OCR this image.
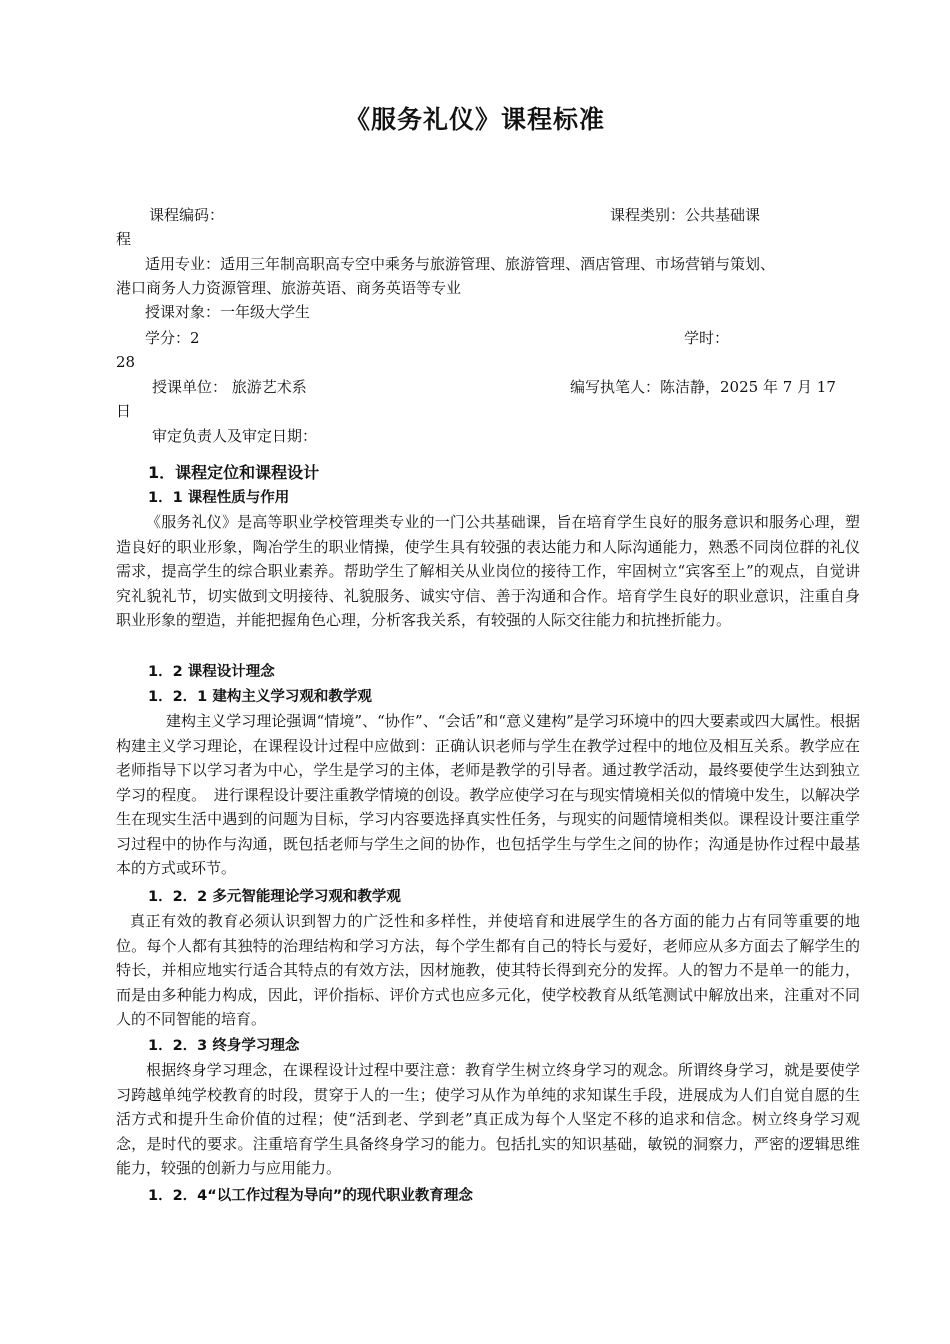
《服务礼仪》课程标准
课程编码：	课程类别：公共基础课
程
适用专业：适用三年制高职高专空中乘务与旅游管理、旅游管理、酒店管理、市场营销与策划、
港口商务人力资源管理、旅游英语、商务英语等专业
授课对象：一年级大学生
学分：2	学时：
28
授课单位： 旅游艺术系	编写执笔人：陈洁静，2025 年 7 月 17
日
审定负责人及审定日期：
1．课程定位和课程设计
1．1 课程性质与作用
《服务礼仪》是高等职业学校管理类专业的一门公共基础课，旨在培育学生良好的服务意识和服务心理，塑造良好的职业形象，陶冶学生的职业情操，使学生具有较强的表达能力和人际沟通能力，熟悉不同岗位群的礼仪需求，提高学生的综合职业素养。帮助学生了解相关从业岗位的接待工作，牢固树立“宾客至上”的观点，自觉讲究礼貌礼节，切实做到文明接待、礼貌服务、诚实守信、善于沟通和合作。培育学生良好的职业意识，注重自身职业形象的塑造，并能把握角色心理，分析客我关系，有较强的人际交往能力和抗挫折能力。
1．2 课程设计理念
1．2．1 建构主义学习观和教学观
建构主义学习理论强调“情境”、“协作”、“会话”和“意义建构”是学习环境中的四大要素或四大属性。根据构建主义学习理论，在课程设计过程中应做到：正确认识老师与学生在教学过程中的地位及相互关系。教学应在老师指导下以学习者为中心，学生是学习的主体，老师是教学的引导者。通过教学活动，最终要使学生达到独立学习的程度。　进行课程设计要注重教学情境的创设。教学应使学习在与现实情境相关似的情境中发生，以解决学生在现实生活中遇到的问题为目标，学习内容要选择真实性任务，与现实的问题情境相类似。课程设计要注重学习过程中的协作与沟通，既包括老师与学生之间的协作，也包括学生与学生之间的协作；沟通是协作过程中最基本的方式或环节。
1．2．2 多元智能理论学习观和教学观
真正有效的教育必须认识到智力的广泛性和多样性，并使培育和进展学生的各方面的能力占有同等重要的地位。每个人都有其独特的治理结构和学习方法，每个学生都有自己的特长与爱好，老师应从多方面去了解学生的特长，并相应地实行适合其特点的有效方法，因材施教，使其特长得到充分的发挥。人的智力不是单一的能力，而是由多种能力构成，因此，评价指标、评价方式也应多元化，使学校教育从纸笔测试中解放出来，注重对不同人的不同智能的培育。
1．2．3 终身学习理念
根据终身学习理念，在课程设计过程中要注意：教育学生树立终身学习的观念。所谓终身学习，就是要使学习跨越单纯学校教育的时段，贯穿于人的一生；使学习从作为单纯的求知谋生手段，进展成为人们自觉自愿的生活方式和提升生命价值的过程；使“活到老、学到老”真正成为每个人坚定不移的追求和信念。树立终身学习观念，是时代的要求。注重培育学生具备终身学习的能力。包括扎实的知识基础，敏锐的洞察力，严密的逻辑思维能力，较强的创新力与应用能力。
1．2．4“以工作过程为导向”的现代职业教育理念
